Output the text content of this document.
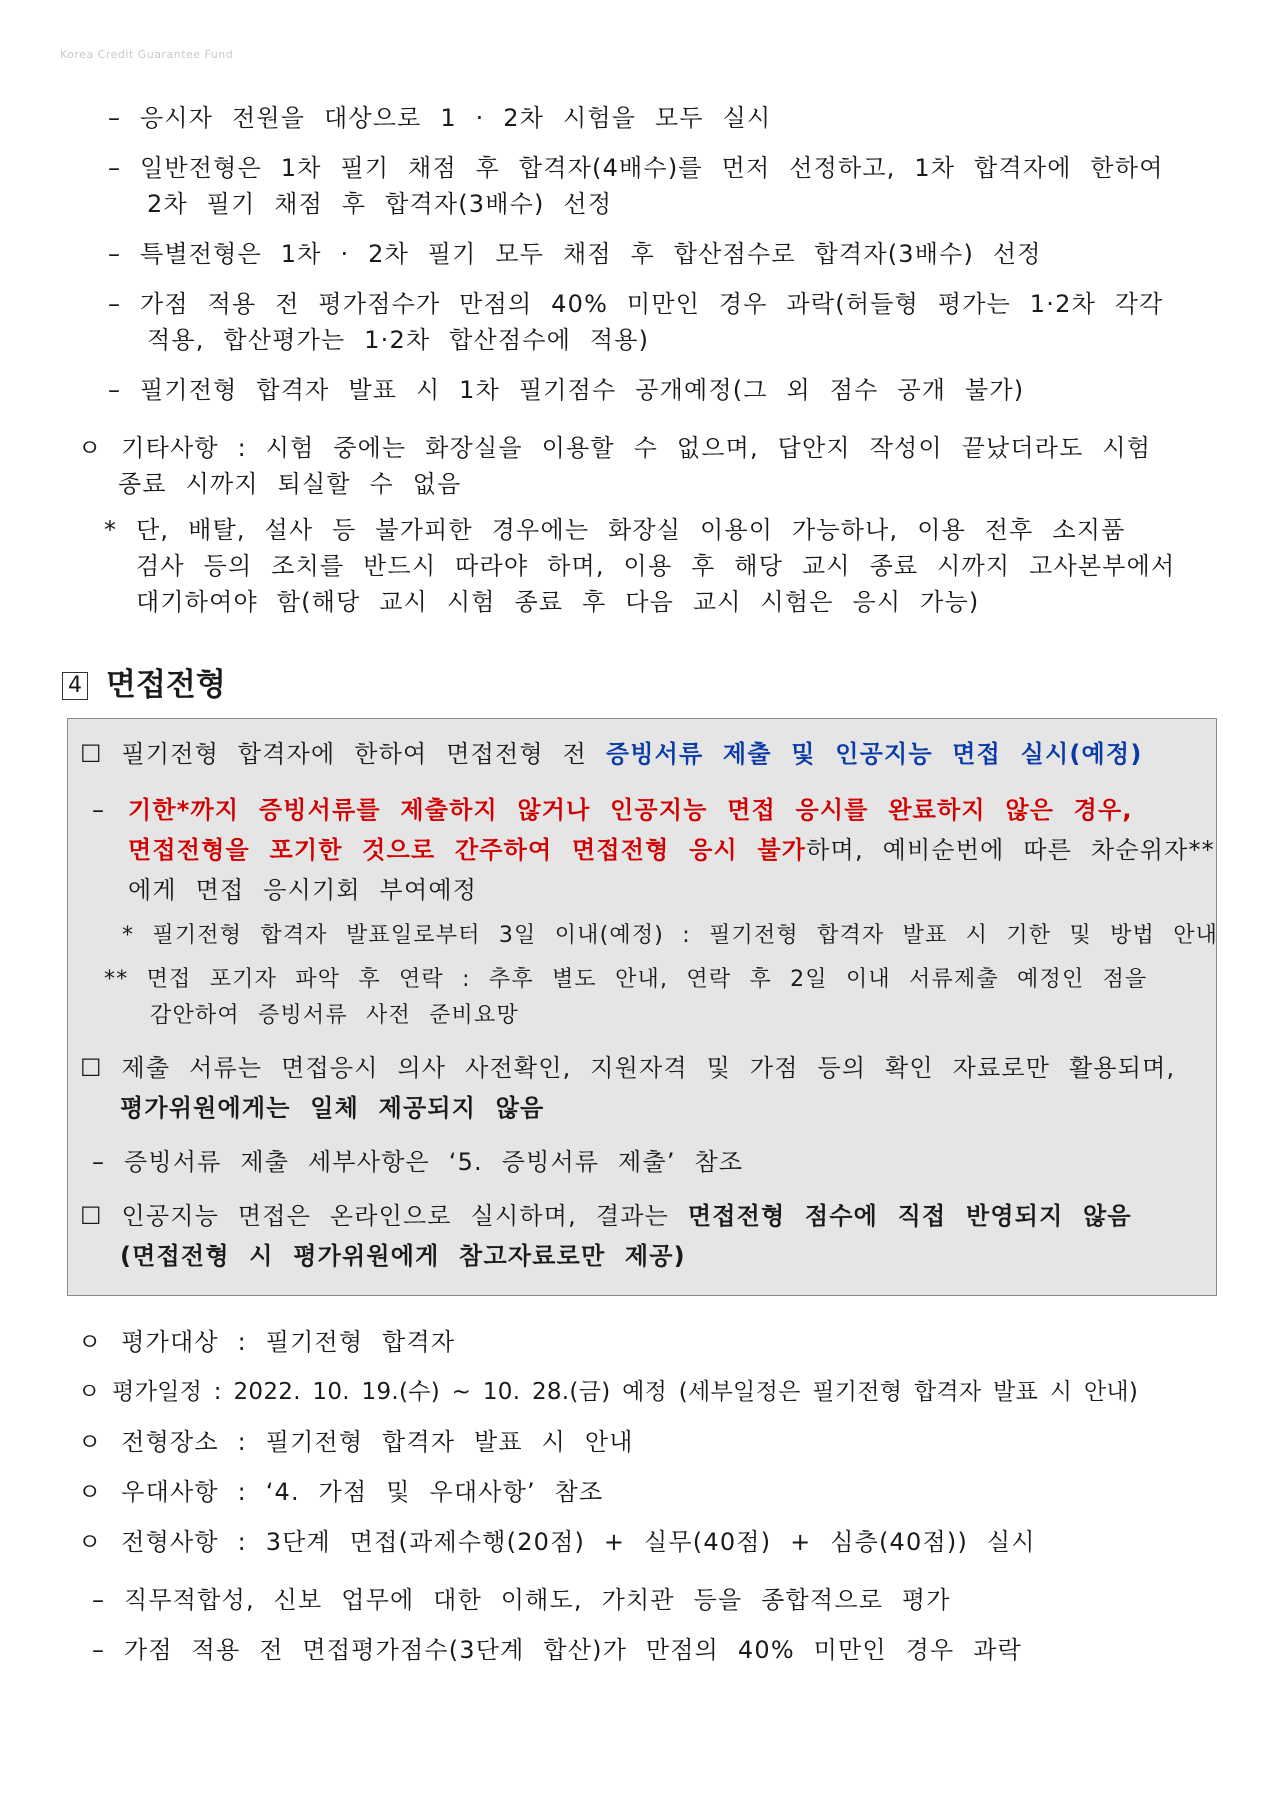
Korea Credit Guarantee Fund
– 응시자 전원을 대상으로 1 · 2차 시험을 모두 실시
– 일반전형은 1차 필기 채점 후 합격자(4배수)를 먼저 선정하고, 1차 합격자에 한하여
2차 필기 채점 후 합격자(3배수) 선정
– 특별전형은 1차 · 2차 필기 모두 채점 후 합산점수로 합격자(3배수) 선정
– 가점 적용 전 평가점수가 만점의 40% 미만인 경우 과락(허들형 평가는 1·2차 각각
적용, 합산평가는 1·2차 합산점수에 적용)
– 필기전형 합격자 발표 시 1차 필기점수 공개예정(그 외 점수 공개 불가)
ㅇ 기타사항 : 시험 중에는 화장실을 이용할 수 없으며, 답안지 작성이 끝났더라도 시험
종료 시까지 퇴실할 수 없음
* 단, 배탈, 설사 등 불가피한 경우에는 화장실 이용이 가능하나, 이용 전후 소지품
검사 등의 조치를 반드시 따라야 하며, 이용 후 해당 교시 종료 시까지 고사본부에서
대기하여야 함(해당 교시 시험 종료 후 다음 교시 시험은 응시 가능)
4 면접전형
☐ 필기전형 합격자에 한하여 면접전형 전 증빙서류 제출 및 인공지능 면접 실시(예정)
– 기한*까지 증빙서류를 제출하지 않거나 인공지능 면접 응시를 완료하지 않은 경우,
면접전형을 포기한 것으로 간주하여 면접전형 응시 불가하며, 예비순번에 따른 차순위자**
에게 면접 응시기회 부여예정
* 필기전형 합격자 발표일로부터 3일 이내(예정) : 필기전형 합격자 발표 시 기한 및 방법 안내
** 면접 포기자 파악 후 연락 : 추후 별도 안내, 연락 후 2일 이내 서류제출 예정인 점을
감안하여 증빙서류 사전 준비요망
☐ 제출 서류는 면접응시 의사 사전확인, 지원자격 및 가점 등의 확인 자료로만 활용되며,
평가위원에게는 일체 제공되지 않음
– 증빙서류 제출 세부사항은 ‘5. 증빙서류 제출’ 참조
☐ 인공지능 면접은 온라인으로 실시하며, 결과는 면접전형 점수에 직접 반영되지 않음
(면접전형 시 평가위원에게 참고자료로만 제공)
ㅇ 평가대상 : 필기전형 합격자
ㅇ 평가일정 : 2022. 10. 19.(수) ~ 10. 28.(금) 예정 (세부일정은 필기전형 합격자 발표 시 안내)
ㅇ 전형장소 : 필기전형 합격자 발표 시 안내
ㅇ 우대사항 : ‘4. 가점 및 우대사항’ 참조
ㅇ 전형사항 : 3단계 면접(과제수행(20점) + 실무(40점) + 심층(40점)) 실시
– 직무적합성, 신보 업무에 대한 이해도, 가치관 등을 종합적으로 평가
– 가점 적용 전 면접평가점수(3단계 합산)가 만점의 40% 미만인 경우 과락
